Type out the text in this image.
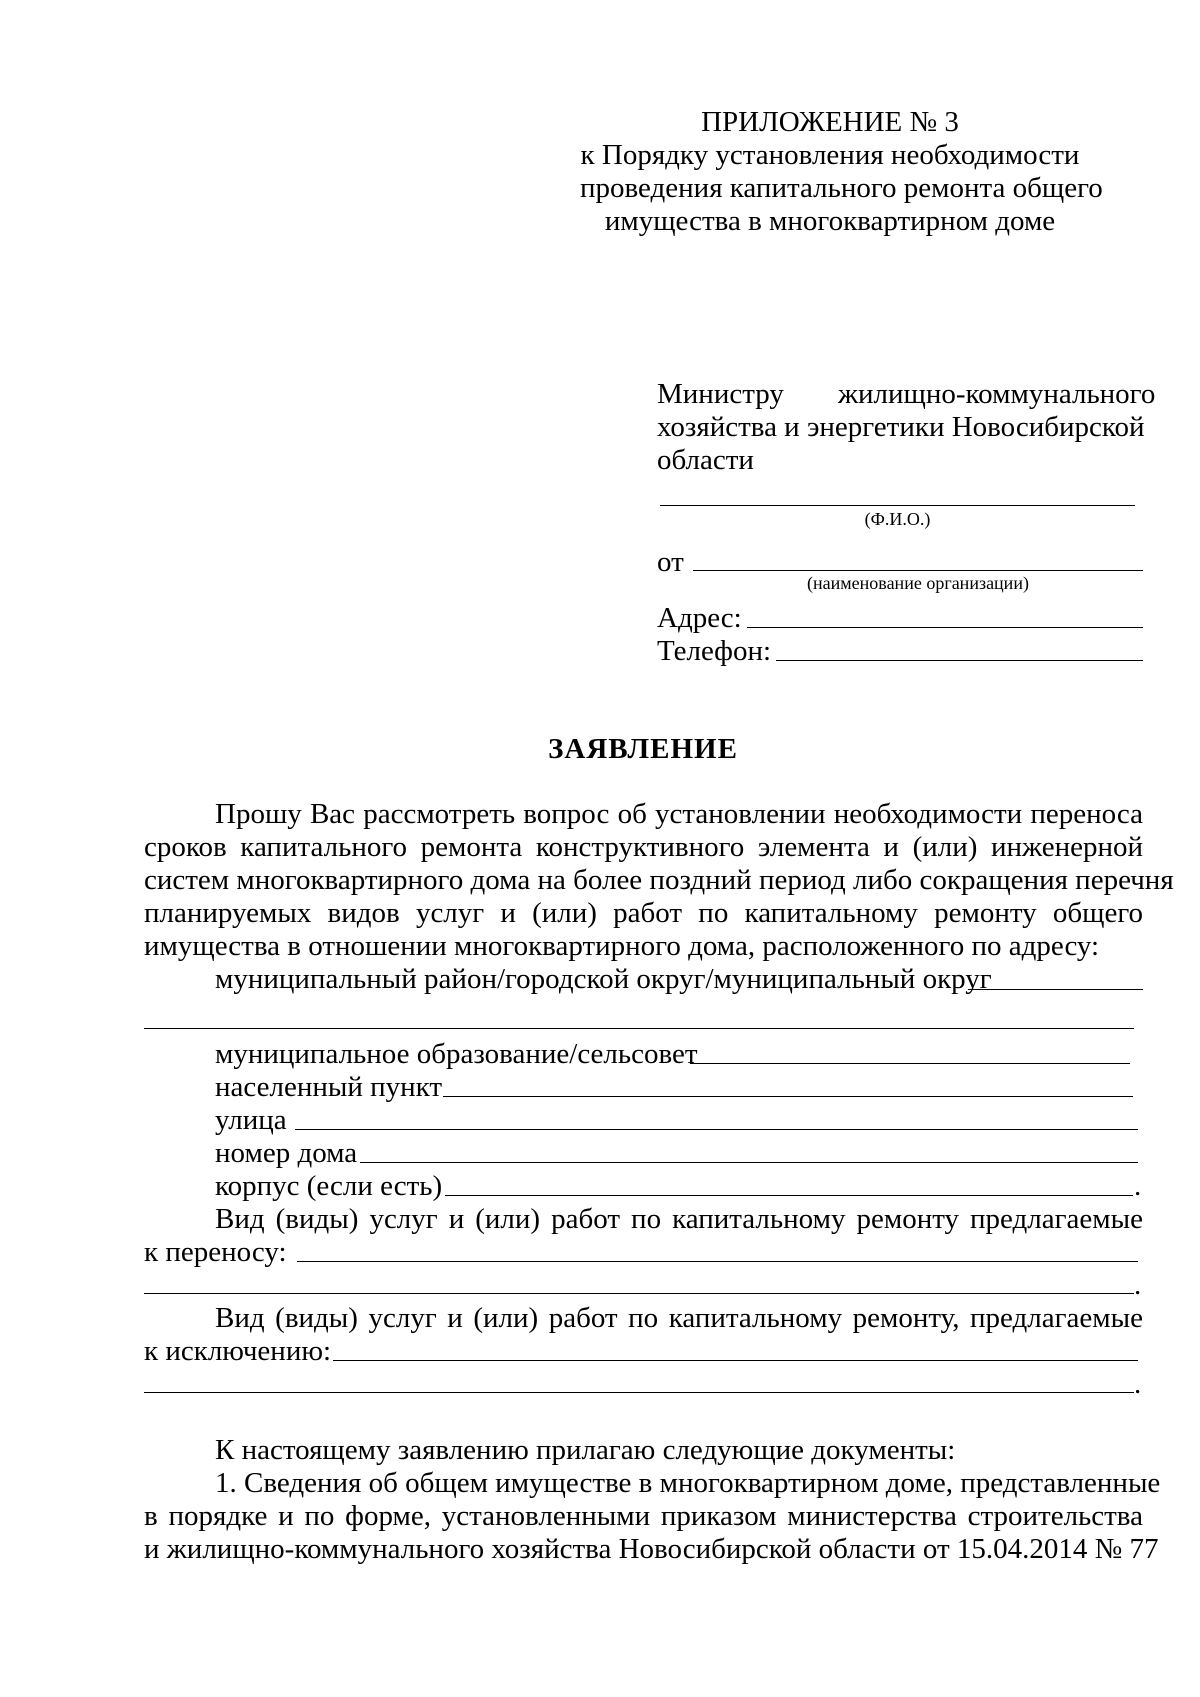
ПРИЛОЖЕНИЕ № 3
к Порядку установления необходимости
проведения капитального ремонта общего
имущества в многоквартирном доме
Министру жилищно-коммунального
хозяйства и энергетики Новосибирской
области
(Ф.И.О.)
от
(наименование организации)
Адрес:
Телефон:
ЗАЯВЛЕНИЕ
Прошу Вас рассмотреть вопрос об установлении необходимости переноса
сроков капитального ремонта конструктивного элемента и (или) инженерной
систем многоквартирного дома на более поздний период либо сокращения перечня
планируемых видов услуг и (или) работ по капитальному ремонту общего
имущества в отношении многоквартирного дома, расположенного по адресу:
муниципальный район/городской округ/муниципальный округ
муниципальное образование/сельсовет
населенный пункт
улица
номер дома
корпус (если есть)	.
Вид (виды) услуг и (или) работ по капитальному ремонту предлагаемые
к переносу:
.
Вид (виды) услуг и (или) работ по капитальному ремонту, предлагаемые
к исключению:
.
К настоящему заявлению прилагаю следующие документы:
1. Сведения об общем имуществе в многоквартирном доме, представленные
в порядке и по форме, установленными приказом министерства строительства
и жилищно-коммунального хозяйства Новосибирской области от 15.04.2014 № 77
